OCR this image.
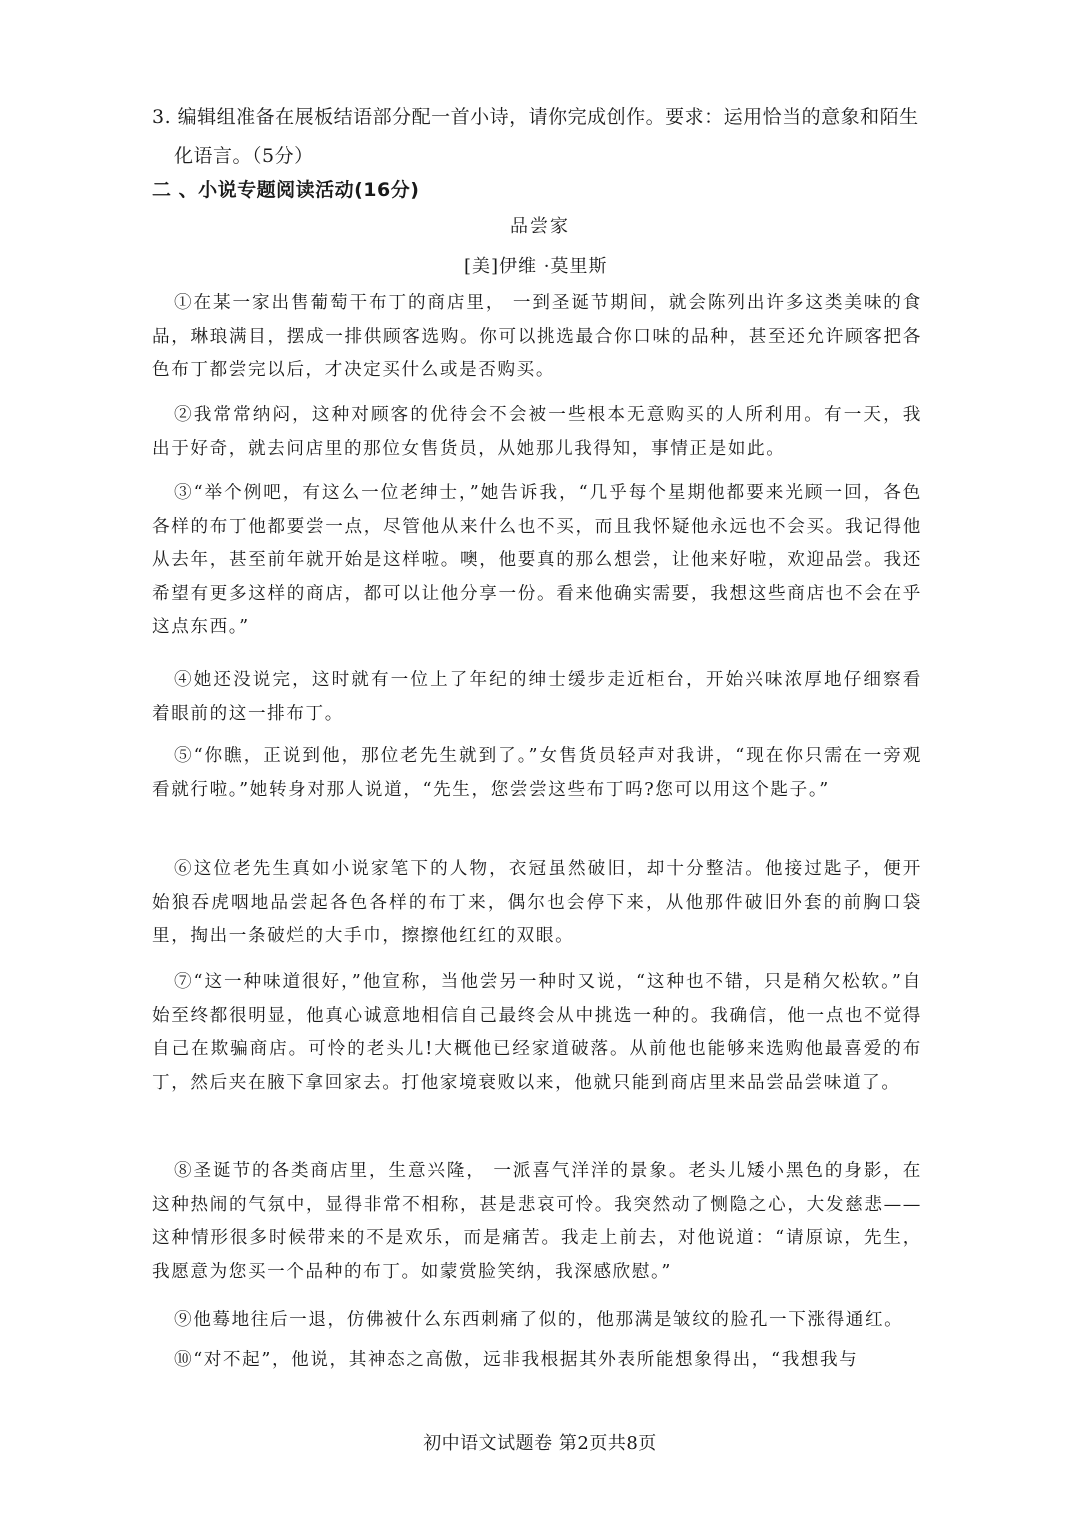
3. 编辑组准备在展板结语部分配一首小诗，请你完成创作。要求：运用恰当的意象和陌生
化语言。（5分）
二 、小说专题阅读活动(16分)
品尝家
[美]伊维 ·莫里斯

①在某一家出售葡萄干布丁的商店里， 一到圣诞节期间，就会陈列出许多这类美味的食品，琳琅满目，摆成一排供顾客选购。你可以挑选最合你口味的品种，甚至还允许顾客把各色布丁都尝完以后，才决定买什么或是否购买。

②我常常纳闷，这种对顾客的优待会不会被一些根本无意购买的人所利用。有一天，我出于好奇，就去问店里的那位女售货员，从她那儿我得知，事情正是如此。

③“举个例吧，有这么一位老绅士，”她告诉我，“几乎每个星期他都要来光顾一回，各色各样的布丁他都要尝一点，尽管他从来什么也不买，而且我怀疑他永远也不会买。我记得他从去年，甚至前年就开始是这样啦。噢，他要真的那么想尝，让他来好啦，欢迎品尝。我还希望有更多这样的商店，都可以让他分享一份。看来他确实需要，我想这些商店也不会在乎这点东西。”

④她还没说完，这时就有一位上了年纪的绅士缓步走近柜台，开始兴味浓厚地仔细察看着眼前的这一排布丁。

⑤“你瞧，正说到他，那位老先生就到了。”女售货员轻声对我讲，“现在你只需在一旁观看就行啦。”她转身对那人说道，“先生，您尝尝这些布丁吗?您可以用这个匙子。”

⑥这位老先生真如小说家笔下的人物，衣冠虽然破旧，却十分整洁。他接过匙子，便开始狼吞虎咽地品尝起各色各样的布丁来，偶尔也会停下来，从他那件破旧外套的前胸口袋里，掏出一条破烂的大手巾，擦擦他红红的双眼。

⑦“这一种味道很好，”他宣称，当他尝另一种时又说，“这种也不错，只是稍欠松软。”自始至终都很明显，他真心诚意地相信自己最终会从中挑选一种的。我确信，他一点也不觉得自己在欺骗商店。可怜的老头儿!大概他已经家道破落。从前他也能够来选购他最喜爱的布丁，然后夹在腋下拿回家去。打他家境衰败以来，他就只能到商店里来品尝品尝味道了。

⑧圣诞节的各类商店里，生意兴隆， 一派喜气洋洋的景象。老头儿矮小黑色的身影，在这种热闹的气氛中，显得非常不相称，甚是悲哀可怜。我突然动了恻隐之心，大发慈悲——这种情形很多时候带来的不是欢乐，而是痛苦。我走上前去，对他说道：“请原谅，先生，我愿意为您买一个品种的布丁。如蒙赏脸笑纳，我深感欣慰。”

⑨他蓦地往后一退，仿佛被什么东西刺痛了似的，他那满是皱纹的脸孔一下涨得通红。

⑩“对不起”，他说，其神态之高傲，远非我根据其外表所能想象得出，“我想我与

初中语文试题卷 第2页共8页
